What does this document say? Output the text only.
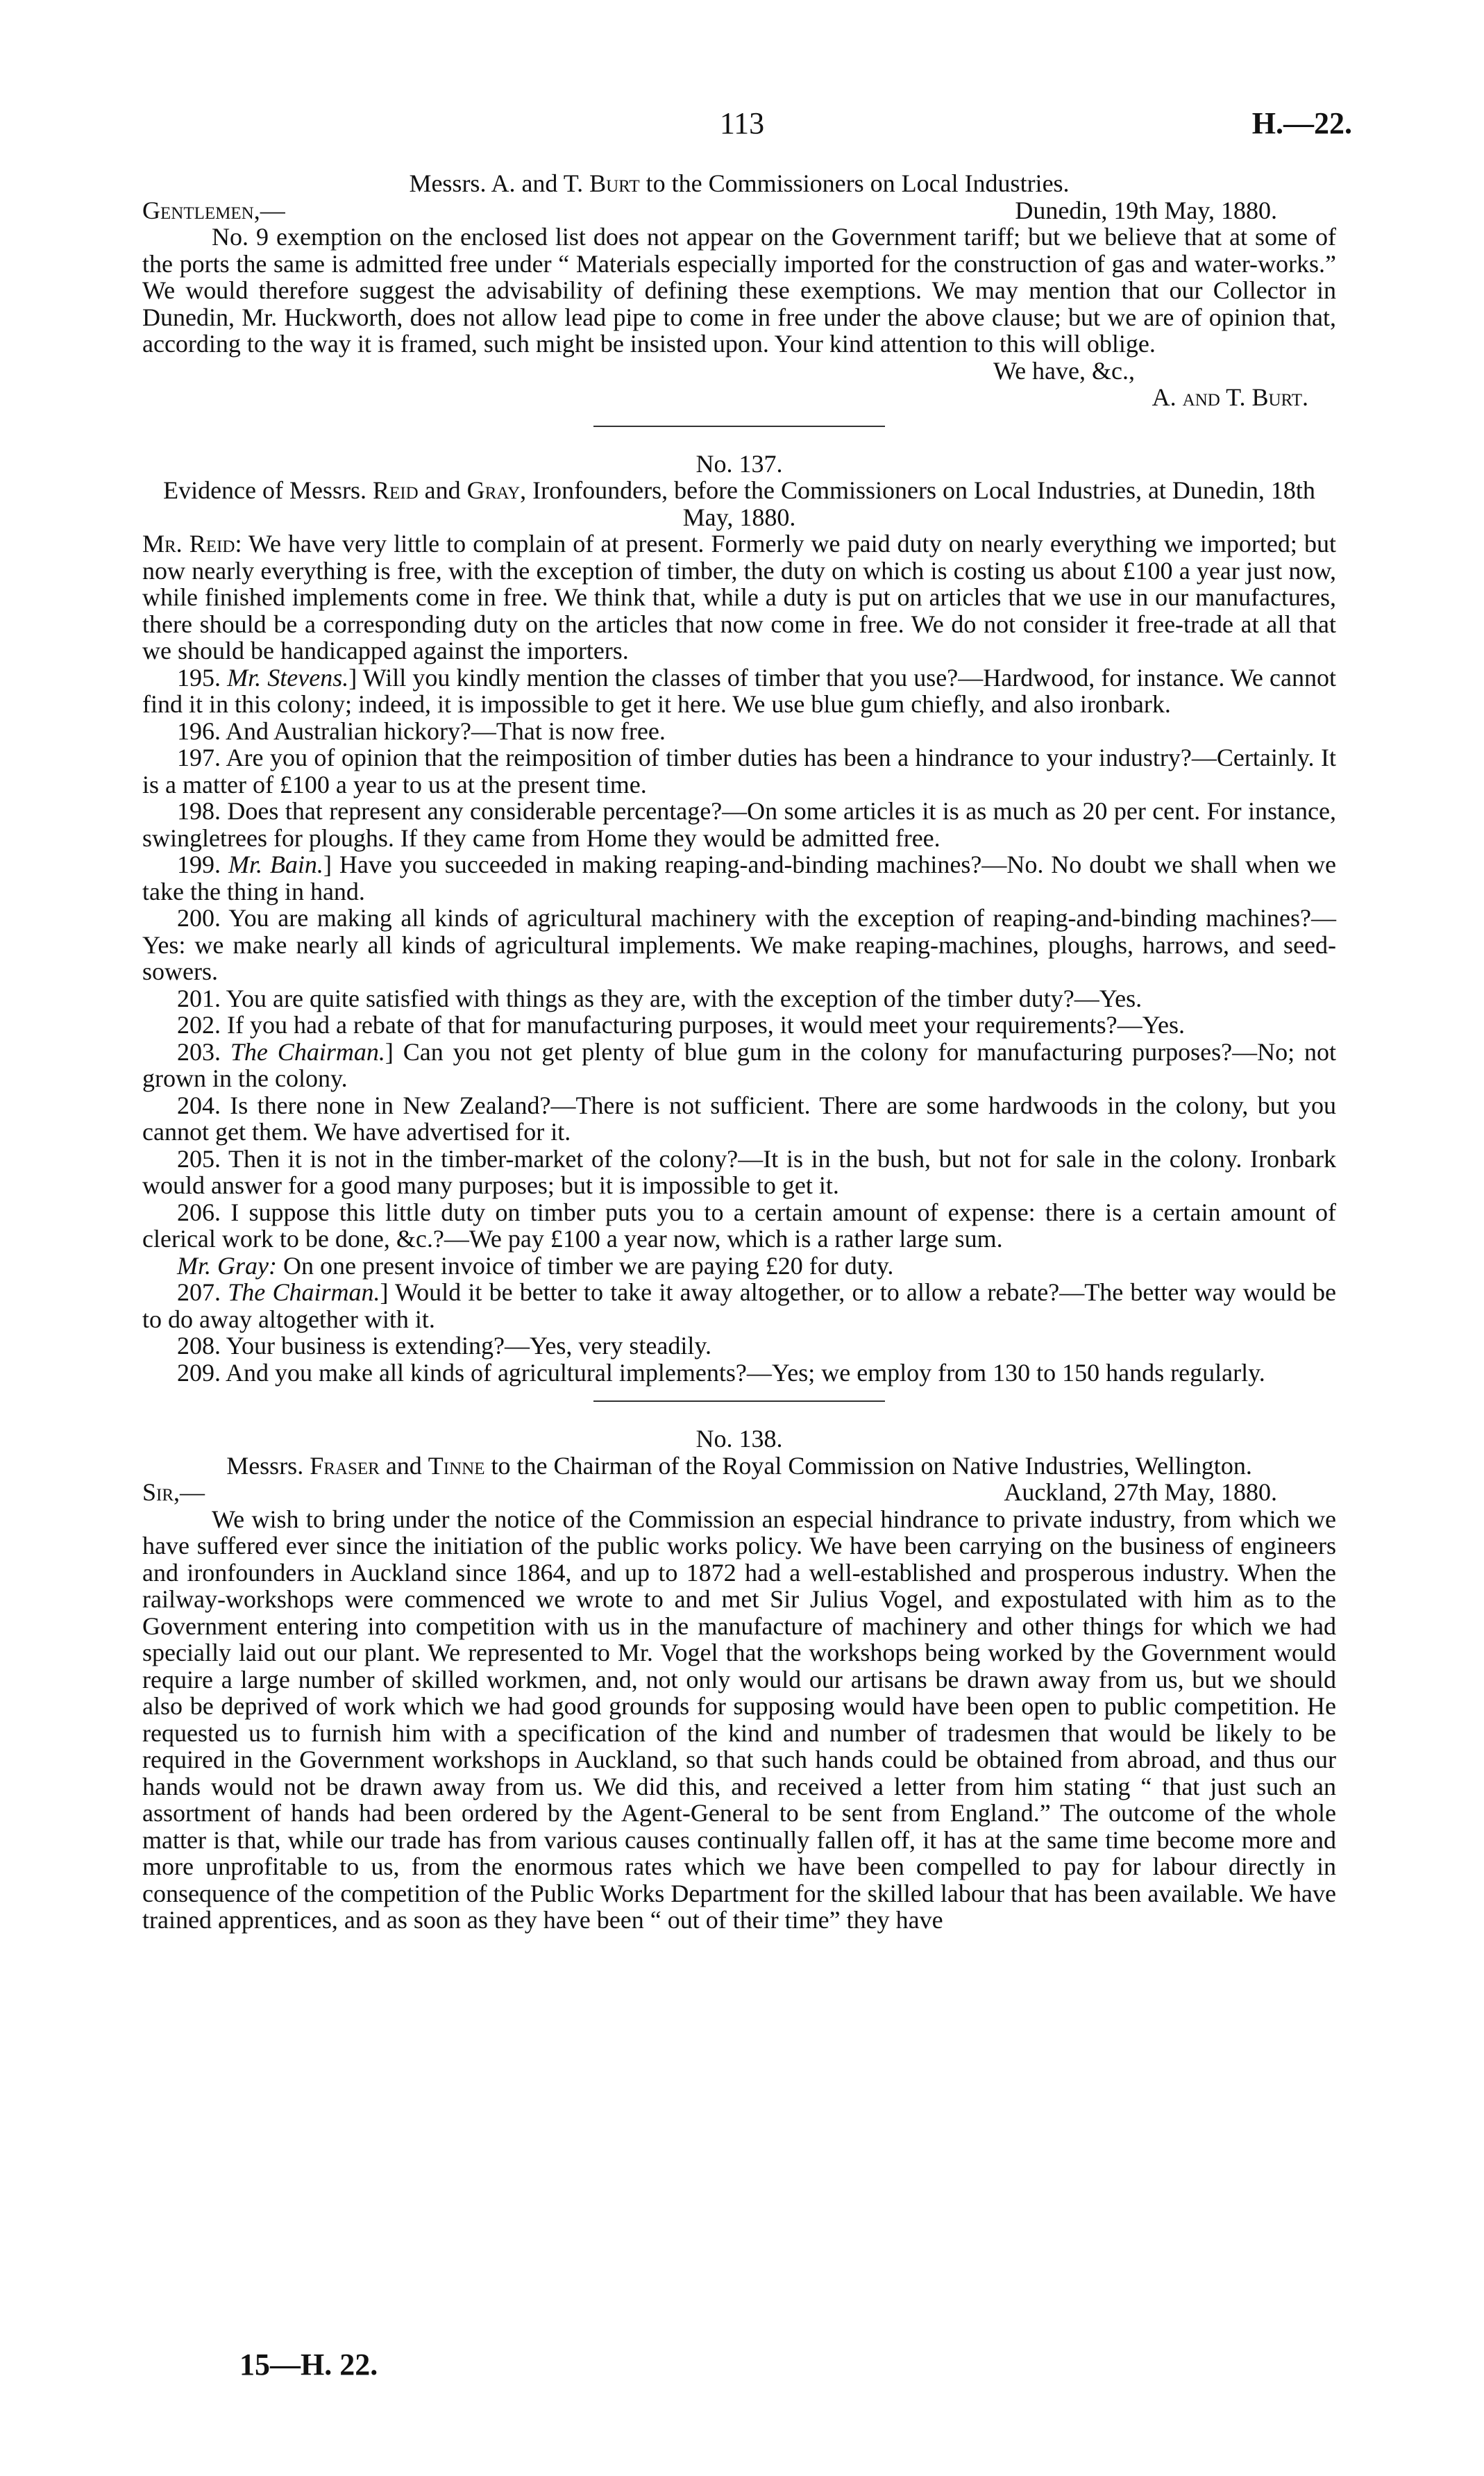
113	H.—22.

Messrs. A. and T. Burt to the Commissioners on Local Industries.

Gentlemen,—	Dunedin, 19th May, 1880.

No. 9 exemption on the enclosed list does not appear on the Government tariff; but we believe that at some of the ports the same is admitted free under “ Materials especially imported for the construction of gas and water-works.” We would therefore suggest the advisability of defining these exemptions. We may mention that our Collector in Dunedin, Mr. Huckworth, does not allow lead pipe to come in free under the above clause; but we are of opinion that, according to the way it is framed, such might be insisted upon. Your kind attention to this will oblige.

We have, &c.,

A. and T. Burt.

No. 137.

Evidence of Messrs. Reid and Gray, Ironfounders, before the Commissioners on Local Industries, at Dunedin, 18th May, 1880.

Mr. Reid: We have very little to complain of at present. Formerly we paid duty on nearly everything we imported; but now nearly everything is free, with the exception of timber, the duty on which is costing us about £100 a year just now, while finished implements come in free. We think that, while a duty is put on articles that we use in our manufactures, there should be a corresponding duty on the articles that now come in free. We do not consider it free-trade at all that we should be handicapped against the importers.

195. Mr. Stevens.] Will you kindly mention the classes of timber that you use?—Hardwood, for instance. We cannot find it in this colony; indeed, it is impossible to get it here. We use blue gum chiefly, and also ironbark.

196. And Australian hickory?—That is now free.

197. Are you of opinion that the reimposition of timber duties has been a hindrance to your industry?—Certainly. It is a matter of £100 a year to us at the present time.

198. Does that represent any considerable percentage?—On some articles it is as much as 20 per cent. For instance, swingletrees for ploughs. If they came from Home they would be admitted free.

199. Mr. Bain.] Have you succeeded in making reaping-and-binding machines?—No. No doubt we shall when we take the thing in hand.

200. You are making all kinds of agricultural machinery with the exception of reaping-and-binding machines?—Yes: we make nearly all kinds of agricultural implements. We make reaping-machines, ploughs, harrows, and seed-sowers.

201. You are quite satisfied with things as they are, with the exception of the timber duty?—Yes.

202. If you had a rebate of that for manufacturing purposes, it would meet your requirements?—Yes.

203. The Chairman.] Can you not get plenty of blue gum in the colony for manufacturing purposes?—No; not grown in the colony.

204. Is there none in New Zealand?—There is not sufficient. There are some hardwoods in the colony, but you cannot get them. We have advertised for it.

205. Then it is not in the timber-market of the colony?—It is in the bush, but not for sale in the colony. Ironbark would answer for a good many purposes; but it is impossible to get it.

206. I suppose this little duty on timber puts you to a certain amount of expense: there is a certain amount of clerical work to be done, &c.?—We pay £100 a year now, which is a rather large sum.

Mr. Gray: On one present invoice of timber we are paying £20 for duty.

207. The Chairman.] Would it be better to take it away altogether, or to allow a rebate?—The better way would be to do away altogether with it.

208. Your business is extending?—Yes, very steadily.

209. And you make all kinds of agricultural implements?—Yes; we employ from 130 to 150 hands regularly.

No. 138.

Messrs. Fraser and Tinne to the Chairman of the Royal Commission on Native Industries, Wellington.

Sir,—	Auckland, 27th May, 1880.

We wish to bring under the notice of the Commission an especial hindrance to private industry, from which we have suffered ever since the initiation of the public works policy. We have been carrying on the business of engineers and ironfounders in Auckland since 1864, and up to 1872 had a well-established and prosperous industry. When the railway-workshops were commenced we wrote to and met Sir Julius Vogel, and expostulated with him as to the Government entering into competition with us in the manufacture of machinery and other things for which we had specially laid out our plant. We represented to Mr. Vogel that the workshops being worked by the Government would require a large number of skilled workmen, and, not only would our artisans be drawn away from us, but we should also be deprived of work which we had good grounds for supposing would have been open to public competition. He requested us to furnish him with a specification of the kind and number of tradesmen that would be likely to be required in the Government workshops in Auckland, so that such hands could be obtained from abroad, and thus our hands would not be drawn away from us. We did this, and received a letter from him stating “ that just such an assortment of hands had been ordered by the Agent-General to be sent from England.” The outcome of the whole matter is that, while our trade has from various causes continually fallen off, it has at the same time become more and more unprofitable to us, from the enormous rates which we have been compelled to pay for labour directly in consequence of the competition of the Public Works Department for the skilled labour that has been available. We have trained apprentices, and as soon as they have been “ out of their time” they have

15—H. 22.
